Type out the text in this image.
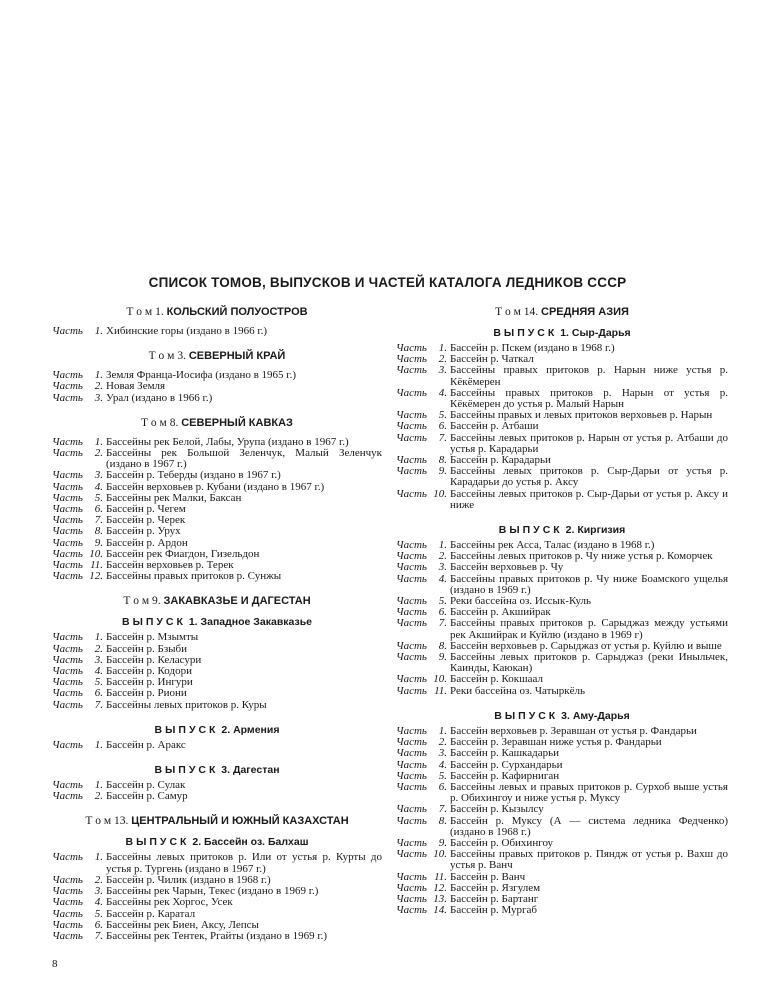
СПИСОК ТОМОВ, ВЫПУСКОВ И ЧАСТЕЙ КАТАЛОГА ЛЕДНИКОВ СССР
Т о м 1. КОЛЬСКИЙ ПОЛУОСТРОВ
Часть	1. Хибинские горы (издано в 1966 г.)
Т о м 3. СЕВЕРНЫЙ КРАЙ
Часть	1. Земля Франца-Иосифа (издано в 1965 г.)
Часть	2. Новая Земля
Часть	3. Урал (издано в 1966 г.)
Т о м 8. СЕВЕРНЫЙ КАВКАЗ
Часть	1. Бассейны рек Белой, Лабы, Урупа (издано в 1967 г.)
Часть	2. Бассейны рек Большой Зеленчук, Малый Зеленчук (издано в 1967 г.)
Часть	3. Бассейн р. Теберды (издано в 1967 г.)
Часть	4. Бассейн верховьев р. Кубани (издано в 1967 г.)
Часть	5. Бассейны рек Малки, Баксан
Часть	6. Бассейн р. Чегем
Часть	7. Бассейн р. Черек
Часть	8. Бассейн р. Урух
Часть	9. Бассейн р. Ардон
Часть 10. Бассейн рек Фиагдон, Гизельдон
Часть 11. Бассейн верховьев р. Терек
Часть 12. Бассейны правых притоков р. Сунжы
Т о м 9. ЗАКАВКАЗЬЕ И ДАГЕСТАН
ВЫПУСК 1. Западное Закавказье
Часть	1. Бассейн р. Мзымты
Часть	2. Бассейн р. Бзыби
Часть	3. Бассейн р. Келасури
Часть	4. Бассейн р. Кодори
Часть	5. Бассейн р. Ингури
Часть	6. Бассейн р. Риони
Часть	7. Бассейны левых притоков р. Куры
ВЫПУСК 2. Армения
Часть	1. Бассейн р. Аракс
ВЫПУСК 3. Дагестан
Часть	1. Бассейн р. Сулак
Часть	2. Бассейн р. Самур
Т о м 13. ЦЕНТРАЛЬНЫЙ И ЮЖНЫЙ КАЗАХСТАН
ВЫПУСК 2. Бассейн оз. Балхаш
Часть	1. Бассейны левых притоков р. Или от устья р. Курты до устья р. Тургень (издано в 1967 г.)
Часть	2. Бассейн р. Чилик (издано в 1968 г.)
Часть	3. Бассейны рек Чарын, Текес (издано в 1969 г.)
Часть	4. Бассейны рек Хоргос, Усек
Часть	5. Бассейн р. Каратал
Часть	6. Бассейны рек Биен, Аксу, Лепсы
Часть	7. Бассейны рек Тентек, Ргайты (издано в 1969 г.)
Т о м 14. СРЕДНЯЯ АЗИЯ
ВЫПУСК 1. Сыр-Дарья
Часть	1. Бассейн р. Пскем (издано в 1968 г.)
Часть	2. Бассейн р. Чаткал
Часть	3. Бассейны правых притоков р. Нарын ниже устья р. Кёкёмерен
Часть	4. Бассейны правых притоков р. Нарын от устья р. Кёкёмерен до устья р. Малый Нарын
Часть	5. Бассейны правых и левых притоков верховьев р. Нарын
Часть	6. Бассейн р. Атбаши
Часть	7. Бассейны левых притоков р. Нарын от устья р. Атбаши до устья р. Карадарьи
Часть	8. Бассейн р. Карадарьи
Часть	9. Бассейны левых притоков р. Сыр-Дарьи от устья р. Карадарьи до устья р. Аксу
Часть 10. Бассейны левых притоков р. Сыр-Дарьи от устья р. Аксу и ниже
ВЫПУСК 2. Киргизия
Часть	1. Бассейны рек Асса, Талас (издано в 1968 г.)
Часть	2. Бассейны левых притоков р. Чу ниже устья р. Коморчек
Часть	3. Бассейн верховьев р. Чу
Часть	4. Бассейны правых притоков р. Чу ниже Боамского ущелья (издано в 1969 г.)
Часть	5. Реки бассейна оз. Иссык-Куль
Часть	6. Бассейн р. Акшийрак
Часть	7. Бассейны правых притоков р. Сарыджаз между устьями рек Акшийрак и Куйлю (издано в 1969 г)
Часть	8. Бассейн верховьев р. Сарыджаз от устья р. Куйлю и выше
Часть	9. Бассейны левых притоков р. Сарыджаз (реки Иныльчек, Каинды, Каюкан)
Часть 10. Бассейн р. Кокшаал
Часть 11. Реки бассейна оз. Чатыркёль
ВЫПУСК 3. Аму-Дарья
Часть	1. Бассейн верховьев р. Зеравшан от устья р. Фандарьи
Часть	2. Бассейн р. Зеравшан ниже устья р. Фандарьи
Часть	3. Бассейн р. Кашкадарьи
Часть	4. Бассейн р. Сурхандарьи
Часть	5. Бассейн р. Кафирниган
Часть	6. Бассейны левых и правых притоков р. Сурхоб выше устья р. Обихингоу и ниже устья р. Муксу
Часть	7. Бассейн р. Кызылсу
Часть	8. Бассейн р. Муксу (А — система ледника Федченко) (издано в 1968 г.)
Часть	9. Бассейн р. Обихингоу
Часть 10. Бассейны правых притоков р. Пяндж от устья р. Вахш до устья р. Ванч
Часть 11. Бассейн р. Ванч
Часть 12. Бассейн р. Язгулем
Часть 13. Бассейн р. Бартанг
Часть 14. Бассейн р. Мургаб
8
